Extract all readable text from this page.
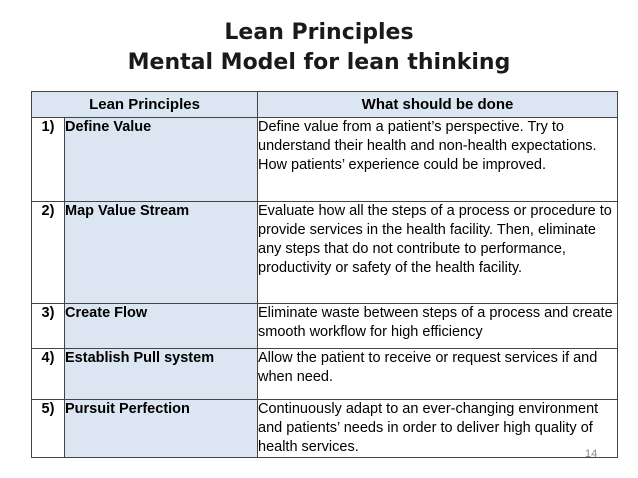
Lean Principles
Mental Model for lean thinking
Lean Principles		What should be done
1)	Define Value	Define value from a patient’s perspective. Try to understand their health and non-health expectations. How patients’ experience could be improved.
2)	Map Value Stream	Evaluate how all the steps of a process or procedure to provide services in the health facility. Then, eliminate any steps that do not contribute to performance, productivity or safety of the health facility.
3)	Create Flow	Eliminate waste between steps of a process and create smooth workflow for high efficiency
4)	Establish Pull system	Allow the patient to receive or request services if and when need.
5)	Pursuit Perfection	Continuously adapt to an ever-changing environment and patients’ needs in order to deliver high quality of health services.	14
